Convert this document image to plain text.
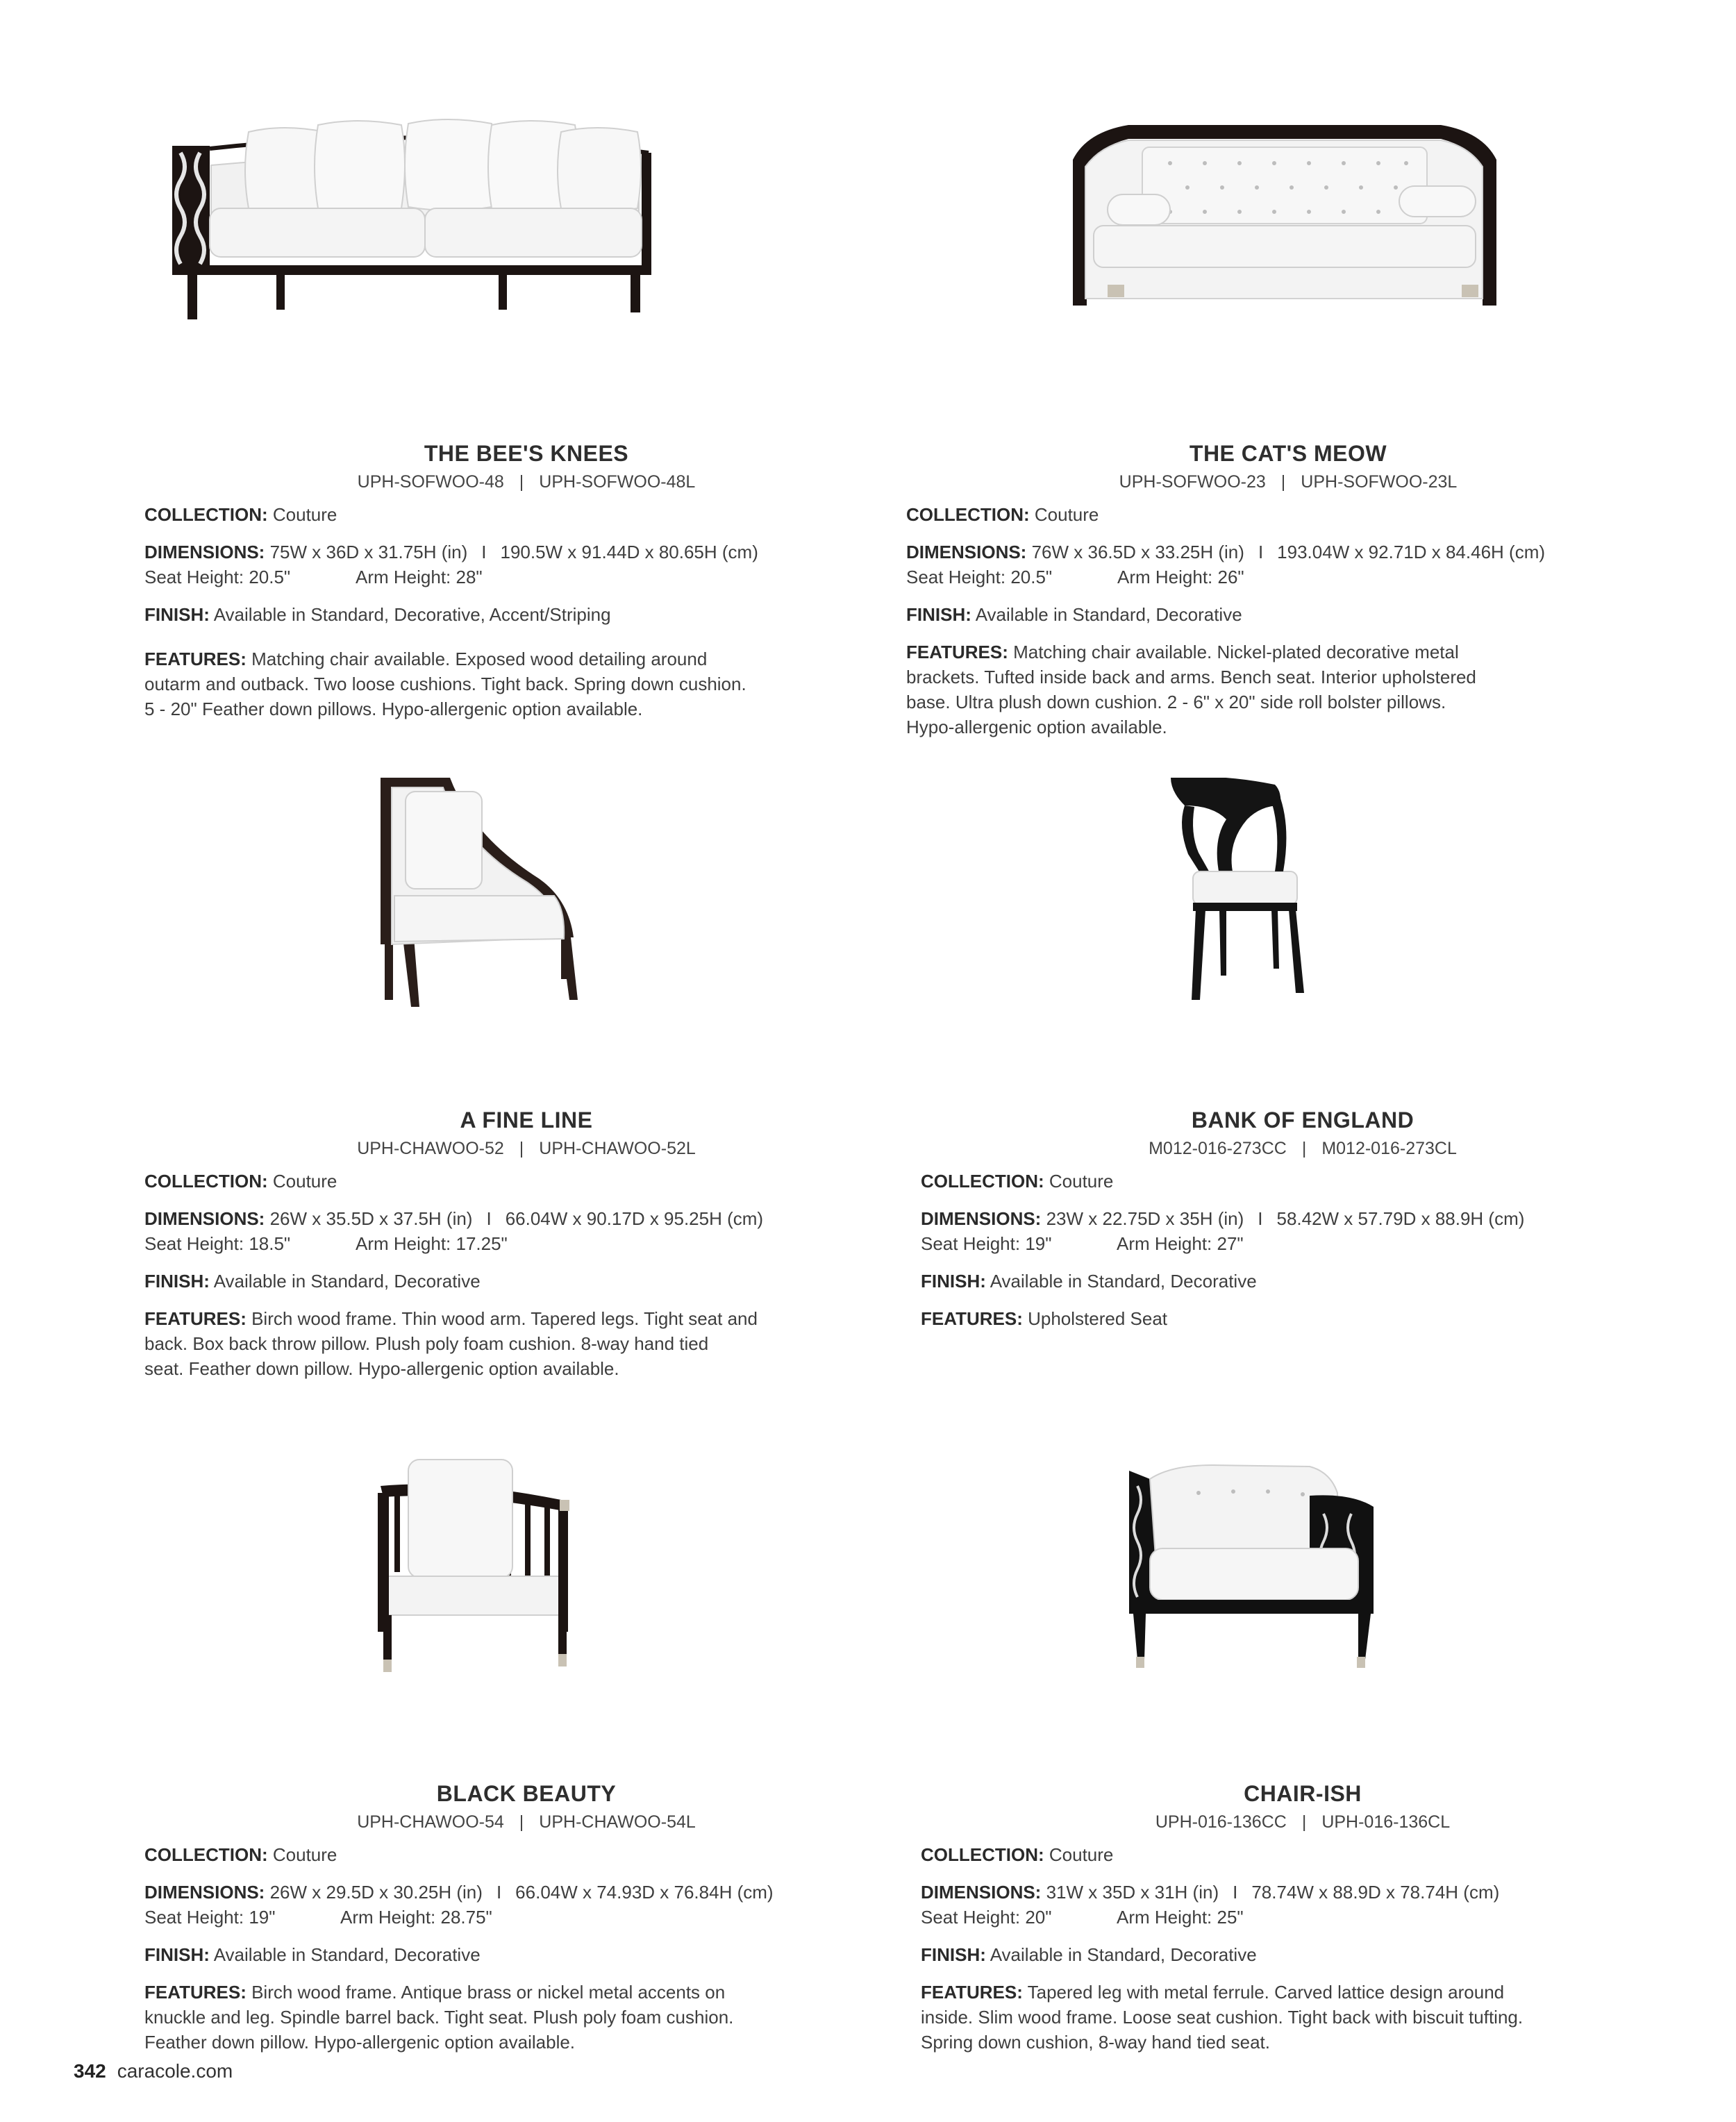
THE BEE'S KNEES
UPH-SOFWOO-48 | UPH-SOFWOO-48L
COLLECTION: Couture
DIMENSIONS: 75W x 36D x 31.75H (in) I 190.5W x 91.44D x 80.65H (cm)
Seat Height: 20.5"	Arm Height: 28"
FINISH: Available in Standard, Decorative, Accent/Striping
FEATURES: Matching chair available. Exposed wood detailing around
outarm and outback. Two loose cushions. Tight back. Spring down cushion.
5 - 20" Feather down pillows. Hypo-allergenic option available.
THE CAT'S MEOW
UPH-SOFWOO-23 | UPH-SOFWOO-23L
COLLECTION: Couture
DIMENSIONS: 76W x 36.5D x 33.25H (in) I 193.04W x 92.71D x 84.46H (cm)
Seat Height: 20.5"	Arm Height: 26"
FINISH: Available in Standard, Decorative
FEATURES: Matching chair available. Nickel-plated decorative metal
brackets. Tufted inside back and arms. Bench seat. Interior upholstered
base. Ultra plush down cushion. 2 - 6" x 20" side roll bolster pillows.
Hypo-allergenic option available.
A FINE LINE
UPH-CHAWOO-52 | UPH-CHAWOO-52L
COLLECTION: Couture
DIMENSIONS: 26W x 35.5D x 37.5H (in) I 66.04W x 90.17D x 95.25H (cm)
Seat Height: 18.5"	Arm Height: 17.25"
FINISH: Available in Standard, Decorative
FEATURES: Birch wood frame. Thin wood arm. Tapered legs. Tight seat and
back. Box back throw pillow. Plush poly foam cushion. 8-way hand tied
seat. Feather down pillow. Hypo-allergenic option available.
BANK OF ENGLAND
M012-016-273CC | M012-016-273CL
COLLECTION: Couture
DIMENSIONS: 23W x 22.75D x 35H (in) I 58.42W x 57.79D x 88.9H (cm)
Seat Height: 19"	Arm Height: 27"
FINISH: Available in Standard, Decorative
FEATURES: Upholstered Seat
BLACK BEAUTY
UPH-CHAWOO-54 | UPH-CHAWOO-54L
COLLECTION: Couture
DIMENSIONS: 26W x 29.5D x 30.25H (in) I 66.04W x 74.93D x 76.84H (cm)
Seat Height: 19"	Arm Height: 28.75"
FINISH: Available in Standard, Decorative
FEATURES: Birch wood frame. Antique brass or nickel metal accents on
knuckle and leg. Spindle barrel back. Tight seat. Plush poly foam cushion.
Feather down pillow. Hypo-allergenic option available.
CHAIR-ISH
UPH-016-136CC | UPH-016-136CL
COLLECTION: Couture
DIMENSIONS: 31W x 35D x 31H (in) I 78.74W x 88.9D x 78.74H (cm)
Seat Height: 20"	Arm Height: 25"
FINISH: Available in Standard, Decorative
FEATURES: Tapered leg with metal ferrule. Carved lattice design around
inside. Slim wood frame. Loose seat cushion. Tight back with biscuit tufting.
Spring down cushion, 8-way hand tied seat.
342 caracole.com
